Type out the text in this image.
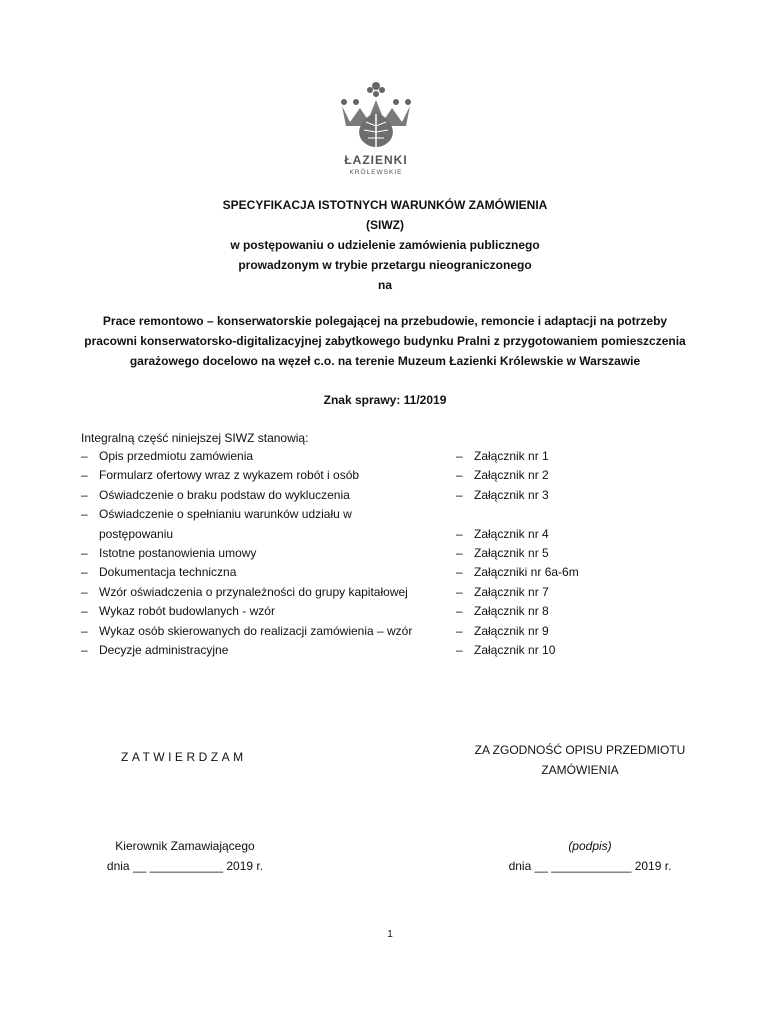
ŁAZIENKI
KRÓLEWSKIE
SPECYFIKACJA ISTOTNYCH WARUNKÓW ZAMÓWIENIA
(SIWZ)
w postępowaniu o udzielenie zamówienia publicznego
prowadzonym w trybie przetargu nieograniczonego
na
Prace remontowo – konserwatorskie polegającej na przebudowie, remoncie i adaptacji na potrzeby
pracowni konserwatorsko-digitalizacyjnej zabytkowego budynku Pralni z przygotowaniem pomieszczenia
garażowego docelowo na węzeł c.o. na terenie Muzeum Łazienki Królewskie w Warszawie
Znak sprawy: 11/2019
Integralną część niniejszej SIWZ stanowią:
– Opis przedmiotu zamówienia	– Załącznik nr 1
– Formularz ofertowy wraz z wykazem robót i osób	– Załącznik nr 2
– Oświadczenie o braku podstaw do wykluczenia	– Załącznik nr 3
– Oświadczenie o spełnianiu warunków udziału w
postępowaniu	– Załącznik nr 4
– Istotne postanowienia umowy	– Załącznik nr 5
– Dokumentacja techniczna	– Załączniki nr 6a-6m
– Wzór oświadczenia o przynależności do grupy kapitałowej	– Załącznik nr 7
– Wykaz robót budowlanych - wzór	– Załącznik nr 8
– Wykaz osób skierowanych do realizacji zamówienia – wzór	– Załącznik nr 9
– Decyzje administracyjne	– Załącznik nr 10
ZATWIERDZAM	ZA ZGODNOŚĆ OPISU PRZEDMIOTU
ZAMÓWIENIA
Kierownik Zamawiającego
dnia __ ___________ 2019 r.
(podpis)
dnia __ ____________ 2019 r.
1
